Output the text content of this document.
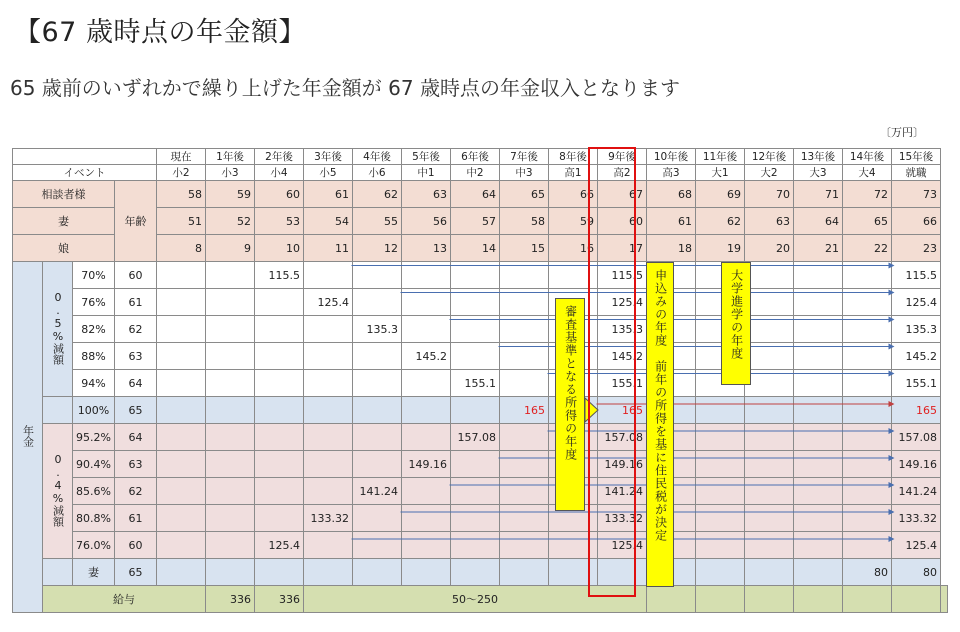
【67 歳時点の年金額】
65 歳前のいずれかで繰り上げた年金額が 67 歳時点の年金収入となります
〔万円〕
				現在	1年後	2年後	3年後	4年後	5年後	6年後	7年後	8年後	9年後	10年後	11年後	12年後	13年後	14年後	15年後	
イベント				小2	小3	小4	小5	小6	中1	中2	中3	高1	高2	高3	大1	大2	大3	大4	就職	
相談者様			年齢	58	59	60	61	62	63	64	65	66	67	68	69	70	71	72	73	
妻				51	52	53	54	55	56	57	58	59	60	61	62	63	64	65	66	
娘				8	9	10	11	12	13	14	15	16	17	18	19	20	21	22	23	
年金	0.5%減額	70%	60			115.5							115.5						115.5	
		76%	61				125.4						125.4						125.4	
		82%	62					135.3					135.3						135.3	
		88%	63						145.2				145.2						145.2	
		94%	64							155.1			155.1						155.1	
		100%	65								165		165						165	
	0.4%減額	95.2%	64							157.08			157.08						157.08	
		90.4%	63						149.16				149.16						149.16	
		85.6%	62					141.24					141.24						141.24	
		80.8%	61				133.32						133.32						133.32	
		76.0%	60			125.4							125.4						125.4	
		妻	65															80	80	
	給与				336	336	50～250													
審査基準となる所得の年度	申込みの年度　前年の所得を基に住民税が決定	大学進学の年度
